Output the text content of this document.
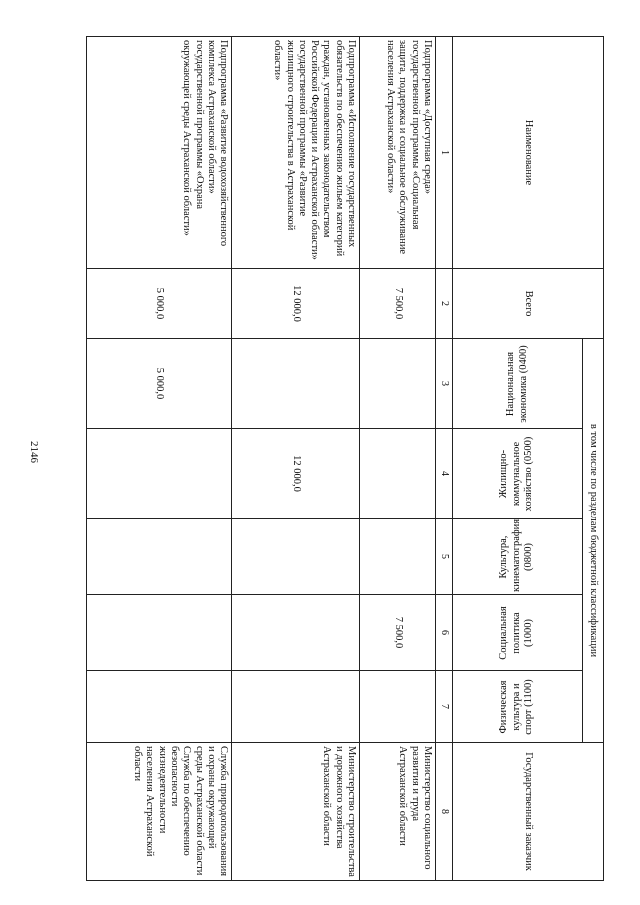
2146
Наименование	Всего	в том числе по разделам бюджетной классификации					Государственный заказчик
		Национальная экономика (0400)	Жилищно-коммунальное хозяйство (0500)	Культура, кинематография (0800)	Социальная политика (1000)	Физическая культура и спорт (1100)	
1	2	3	4	5	6	7	8
Подпрограмма «Доступная среда» государственной программы «Социальная защита, поддержка и социальное обслуживание населения Астраханской области»	7 500,0				7 500,0		Министерство социального развития и труда Астраханской области
Подпрограмма «Исполнение государственных обязательств по обеспечению жильем категорий граждан, установленных законодательством Российской Федерации и Астраханской области» государственной программы «Развитие жилищного строительства в Астраханской области»	12 000,0		12 000,0				Министерство строительства и дорожного хозяйства Астраханской области
Подпрограмма «Развитие водохозяйственного комплекса Астраханской области» государственной программы «Охрана окружающей среды Астраханской области»	5 000,0	5 000,0					Служба природопользования и охраны окружающей среды Астраханской области Служба по обеспечению безопасности жизнедеятельности населения Астраханской области
